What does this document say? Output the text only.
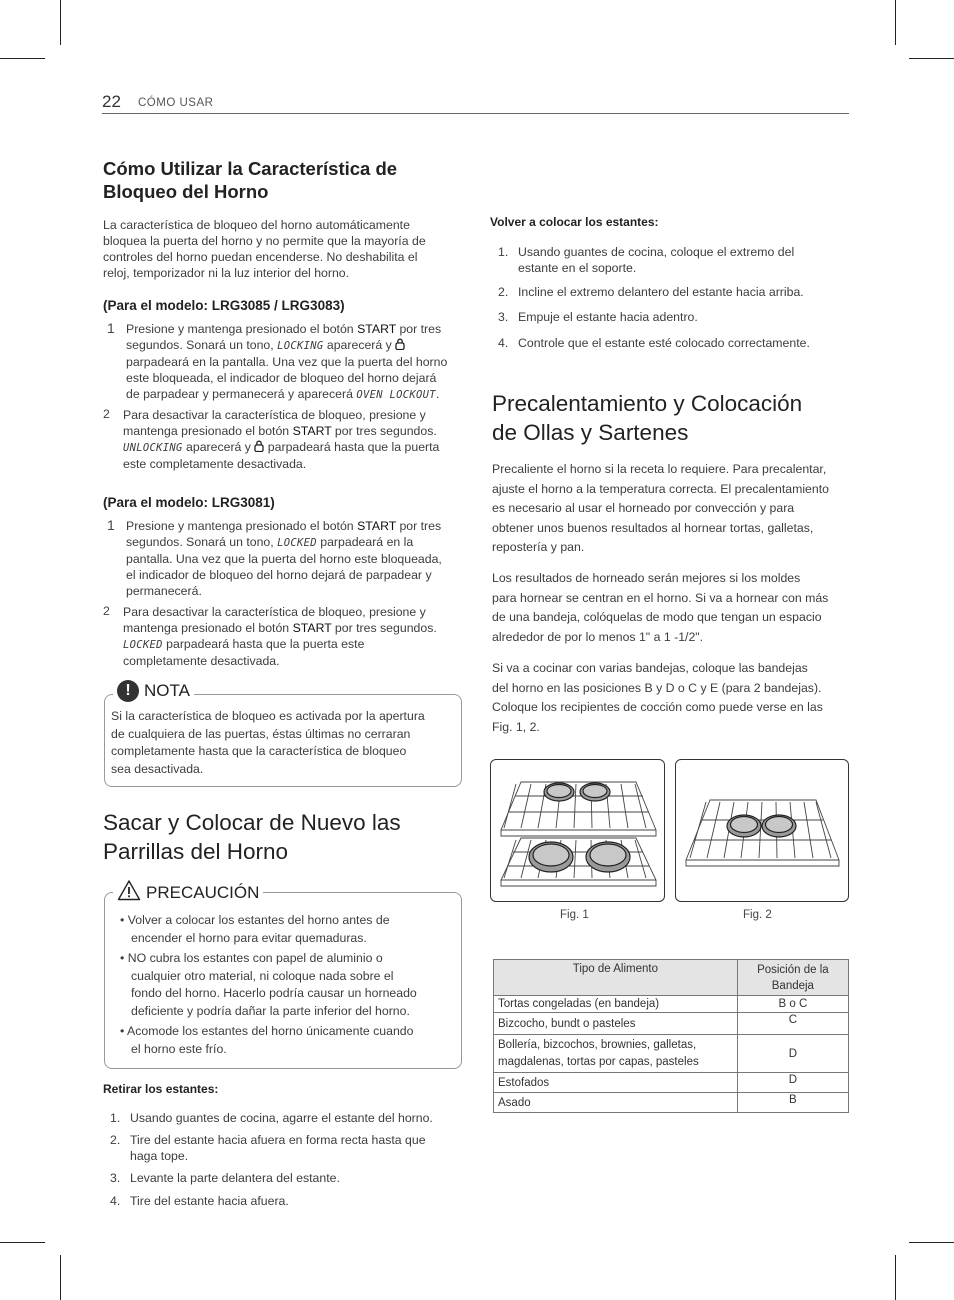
22 CÓMO USAR
Cómo Utilizar la Característica de
Bloqueo del Horno
La característica de bloqueo del horno automáticamente
bloquea la puerta del horno y no permite que la mayoría de
controles del horno puedan encenderse. No deshabilita el
reloj, temporizador ni la luz interior del horno.
(Para el modelo: LRG3085 / LRG3083)
1 Presione y mantenga presionado el botón START por tres
segundos. Sonará un tono, LOCKING aparecerá y
parpadeará en la pantalla. Una vez que la puerta del horno
este bloqueada, el indicador de bloqueo del horno dejará
de parpadear y permanecerá y aparecerá OVEN LOCKOUT.
2 Para desactivar la característica de bloqueo, presione y
mantenga presionado el botón START por tres segundos.
UNLOCKING aparecerá y  parpadeará hasta que la puerta
este completamente desactivada.
(Para el modelo: LRG3081)
1 Presione y mantenga presionado el botón START por tres
segundos. Sonará un tono, LOCKED parpadeará en la
pantalla. Una vez que la puerta del horno este bloqueada,
el indicador de bloqueo del horno dejará de parpadear y
permanecerá.
2 Para desactivar la característica de bloqueo, presione y
mantenga presionado el botón START por tres segundos.
LOCKED parpadeará hasta que la puerta este
completamente desactivada.
! NOTA
Si la característica de bloqueo es activada por la apertura
de cualquiera de las puertas, éstas últimas no cerraran
completamente hasta que la característica de bloqueo
sea desactivada.
Sacar y Colocar de Nuevo las
Parrillas del Horno
PRECAUCIÓN
• Volver a colocar los estantes del horno antes de
encender el horno para evitar quemaduras.
• NO cubra los estantes con papel de aluminio o
cualquier otro material, ni coloque nada sobre el
fondo del horno. Hacerlo podría causar un horneado
deficiente y podría dañar la parte inferior del horno.
• Acomode los estantes del horno únicamente cuando
el horno este frío.
Retirar los estantes:
1. Usando guantes de cocina, agarre el estante del horno.
2. Tire del estante hacia afuera en forma recta hasta que
haga tope.
3. Levante la parte delantera del estante.
4. Tire del estante hacia afuera.
Volver a colocar los estantes:
1. Usando guantes de cocina, coloque el extremo del
estante en el soporte.
2. Incline el extremo delantero del estante hacia arriba.
3. Empuje el estante hacia adentro.
4. Controle que el estante esté colocado correctamente.
Precalentamiento y Colocación
de Ollas y Sartenes
Precaliente el horno si la receta lo requiere. Para precalentar,
ajuste el horno a la temperatura correcta. El precalentamiento
es necesario al usar el horneado por convección y para
obtener unos buenos resultados al hornear tortas, galletas,
repostería y pan.
Los resultados de horneado serán mejores si los moldes
para hornear se centran en el horno. Si va a hornear con más
de una bandeja, colóquelas de modo que tengan un espacio
alrededor de por lo menos 1" a 1 -1/2".
Si va a cocinar con varias bandejas, coloque las bandejas
del horno en las posiciones B y D o C y E (para 2 bandejas).
Coloque los recipientes de cocción como puede verse en las
Fig. 1, 2.
Fig. 1	Fig. 2
Tipo de Alimento	Posición de la
Bandeja

Tortas congeladas (en bandeja)	B o C
Bizcocho, bundt o pasteles	C

Bollería, bizcochos, brownies, galletas,
magdalenas, tortas por capas, pasteles	D
Estofados	D
Asado	B
